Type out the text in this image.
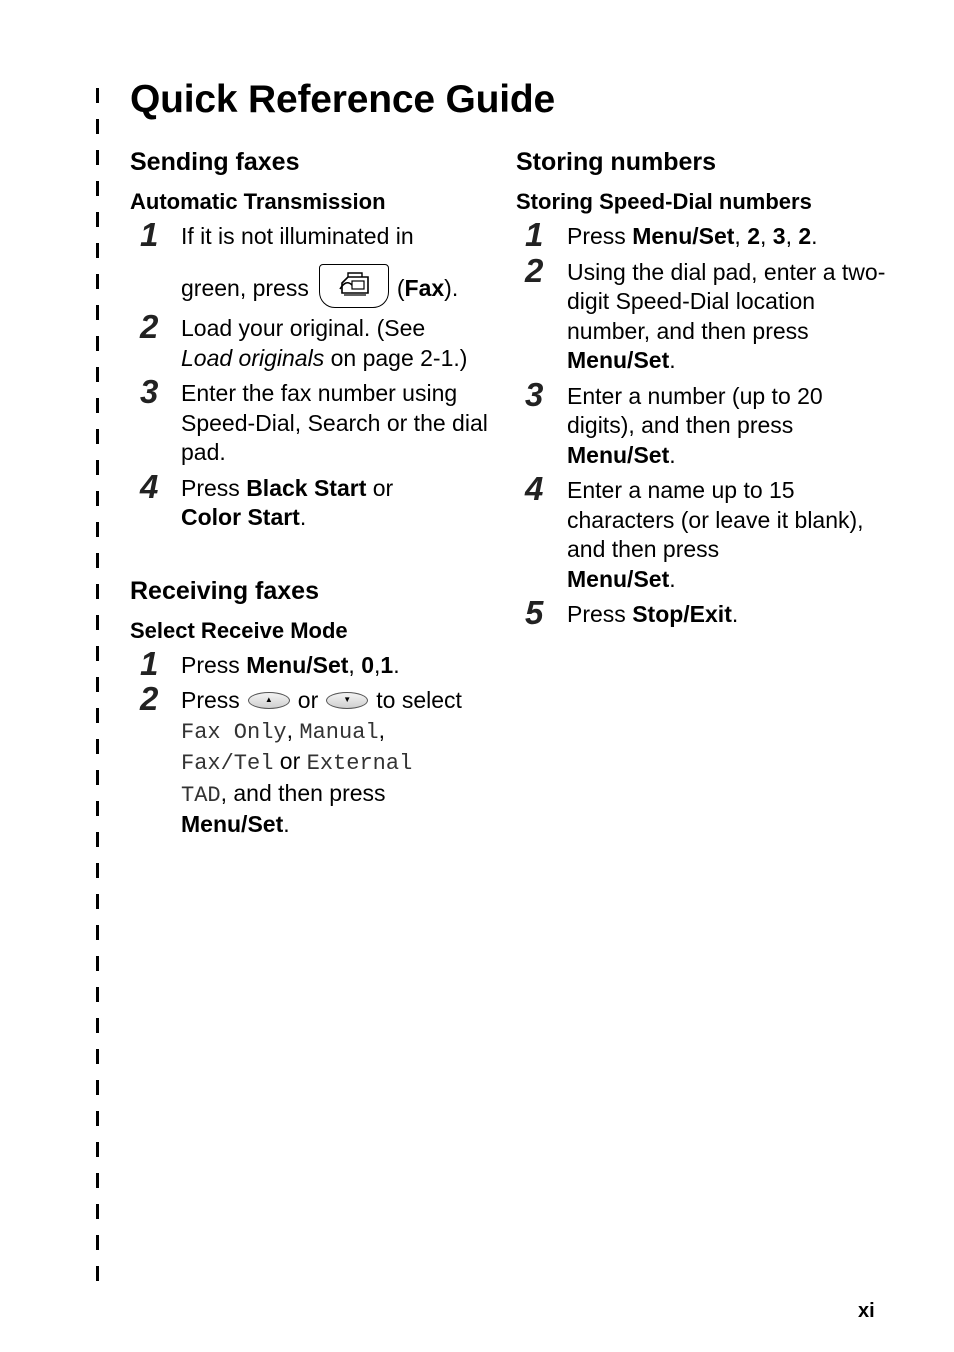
Quick Reference Guide
Sending faxes
Automatic Transmission
1 If it is not illuminated in
green, press	(Fax).
2 Load your original. (See
Load originals on page 2-1.)
3 Enter the fax number using Speed-Dial, Search or the dial pad.
4 Press Black Start or
Color Start.
Receiving faxes
Select Receive Mode
1 Press Menu/Set, 0,1.
2 Press	▲ or	▼ to select
Fax Only, Manual,
Fax/Tel or External
TAD, and then press
Menu/Set.
Storing numbers
Storing Speed-Dial numbers
1 Press Menu/Set, 2, 3, 2.
2 Using the dial pad, enter a two-digit Speed-Dial location number, and then press Menu/Set.
3 Enter a number (up to 20 digits), and then press
Menu/Set.
4 Enter a name up to 15 characters (or leave it blank), and then press
Menu/Set.
5 Press Stop/Exit.
xi
